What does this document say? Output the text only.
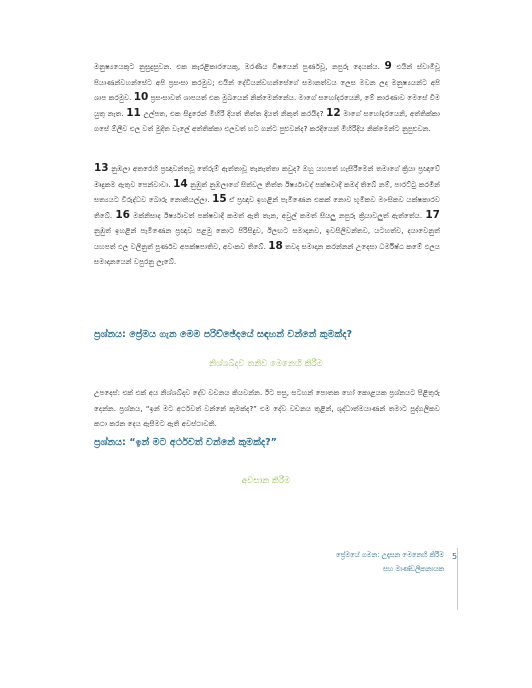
මනුෂ්‍යයෙකුට නුසුදුසුවන. එක කැරළිකාරයෙකු, මරණීය විෂයෙන් පුර්ණවූ, නපුරු දෙයක්ය. 9 එයින් ස්වාමිවූ පියාණන්වහන්සේට අපි ප්‍රසංසා කරමුව; එයින් දේවියන්වහන්සේගේ සමානත්වය ලෙස මවන ලද මනුෂ්‍යයන්ට අපි ශාප කරමුව. 10 ප්‍රසංසාවත් ශාපයත් එක මුඛයෙන් නික්මෙන්නේය. මාගේ සහෝදරයෙනි, මේ කාරණාව මෙසේ විම යුතු නැත. 11 උල්පත, එක සිදුරෙන් මිහිරි දියත් තිත්ත දියත් නිකුත් කරයිද? 12 මාගේ සහෝදරයෙනි, අත්තික්කා ගසේ ඕලීව එල වත් මුදිත වැලේ අත්තික්කා එලවත් හට ගන්ට පුළුවන්ද? කරදියෙන් මිහිරිදිය නික්මෙන්ට නුපුළුවන.

13 නුඹලා අතරෙහි ප්‍රඥාවන්තවූ තේරුම් ඇත්තාවූ තැනැත්තා කවුද? ඔහු යහපත් හැසිරීමෙන් තමාගේ ක්‍රියා ප්‍රඥාවේ මෘදුකම ඇතුව පෙන්වාවා. 14 නුඹුත් නුඹලාගේ සිත්වල තිත්ත ඊර්ෂ්‍යාවද් පක්ෂවාදී කමද් තිබේ නම්, පාරට්ටු කරමින් සත්‍යයට විරුද්ධව බොරු නොකියල්ලා. 15 ඒ ප්‍රඥාව ඉහළින් පැමිණෙන එකක් නොව භූමිකව මාංසිකව යක්ෂකාරව තිබේ. 16 මක්නිසාද ඊර්ෂ්‍යාවත් පක්ෂවාදී කමත් ඇති තැන, අවුල් කමත් සියලු නපුරු ක්‍රියාවලුත් ඇත්තේය. 17 නුඹුත් ඉහළින් පැමිණෙන ප්‍රඥාව පළමු කොට පිරිසිදුව, ඊලඟට සමාදානව, ඉවසිලිවන්තව, යටහත්ව, දයාවෙනුත් යහපත් ඵල වලිනුත් පුර්ණව අපක්ෂපාතිව, අවංකව තිබේ. 18 තවද සමාදාන කරන්නන් උදෙසා ධර්මිෂ්ඨ කමේ ඵලය සමාදානයෙන් වපුරනු ලැබේ.

ප්‍රශ්නය: ප්‍රේමය ගැන මෙම පරිච්ඡේදයේ සඳහන් වන්නේ කුමක්ද?

නිශ්ශබ්දව තනිව මෙනෙහි කිරීම

උපදෙස්: එක් එක් අය නිශ්ශබ්දව දේව වචනය කියවන්න. ඊට පසු, සටහන් පොතක හෝ කොළයක ප්‍රශ්නයට පිළිතුරු දෙන්න. ප්‍රශ්නය, “ඉන් මට අර්ථවත් වන්නේ කුමක්ද?” එම දේව වචනය තුළින්, ශුද්ධාත්මයාණන් තමාට පුද්ගලිකව කථා කරන දෙය ඇසීමට ඇති අවස්ථාවකි.

ප්‍රශ්නය: “ඉන් මට අර්ථවත් වන්නේ කුමක්ද?”

අවසාන කිරීම

ප්‍රේමයේ ගමන: උදෑසන මෙනෙහි කිරීම
සහ මාණ්ඩලිකනායක
5
